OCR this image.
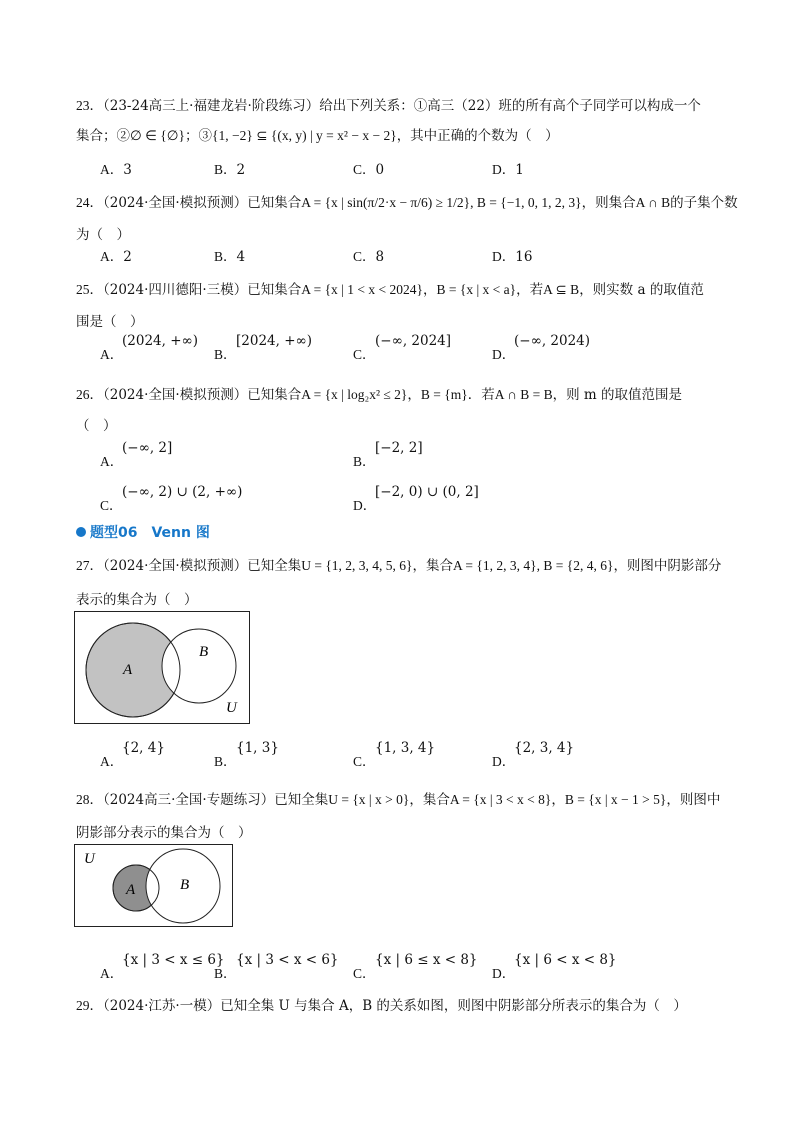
23．（23-24高三上·福建龙岩·阶段练习）给出下列关系：①高三（22）班的所有高个子同学可以构成一个
集合；②∅ ∈ {∅}；③{1, −2} ⊆ {(x, y) | y = x² − x − 2}，其中正确的个数为（　）
A．3	B．2	C．0	D．1
24．（2024·全国·模拟预测）已知集合A = {x | sin(π/2·x − π/6) ≥ 1/2}, B = {−1, 0, 1, 2, 3}，则集合A ∩ B的子集个数
为（　）
A．2	B．4	C．8	D．16
25．（2024·四川德阳·三模）已知集合A = {x | 1 < x < 2024}，B = {x | x < a}，若A ⊆ B，则实数 a 的取值范
围是（　）
A．
(2024, +∞)
B．
[2024, +∞)
C．
(−∞, 2024]
D．
(−∞, 2024)
26．（2024·全国·模拟预测）已知集合A = {x | log₂x² ≤ 2}，B = {m}．若A ∩ B = B，则 m 的取值范围是
（　）
A．
(−∞, 2]
B．
[−2, 2]
C．
(−∞, 2) ∪ (2, +∞)
D．
[−2, 0) ∪ (0, 2]
题型06　Venn 图
27．（2024·全国·模拟预测）已知全集U = {1, 2, 3, 4, 5, 6}，集合A = {1, 2, 3, 4}, B = {2, 4, 6}，则图中阴影部分
表示的集合为（　）
A
B
U
A．
{2, 4}
B．
{1, 3}
C．
{1, 3, 4}
D．
{2, 3, 4}
28．（2024高三·全国·专题练习）已知全集U = {x | x > 0}，集合A = {x | 3 < x < 8}，B = {x | x − 1 > 5}，则图中
阴影部分表示的集合为（　）
A	B
U
A．
{x | 3 < x ≤ 6}
B．
{x | 3 < x < 6}
C．
{x | 6 ≤ x < 8}
D．
{x | 6 < x < 8}
29．（2024·江苏·一模）已知全集 U 与集合 A，B 的关系如图，则图中阴影部分所表示的集合为（　）
